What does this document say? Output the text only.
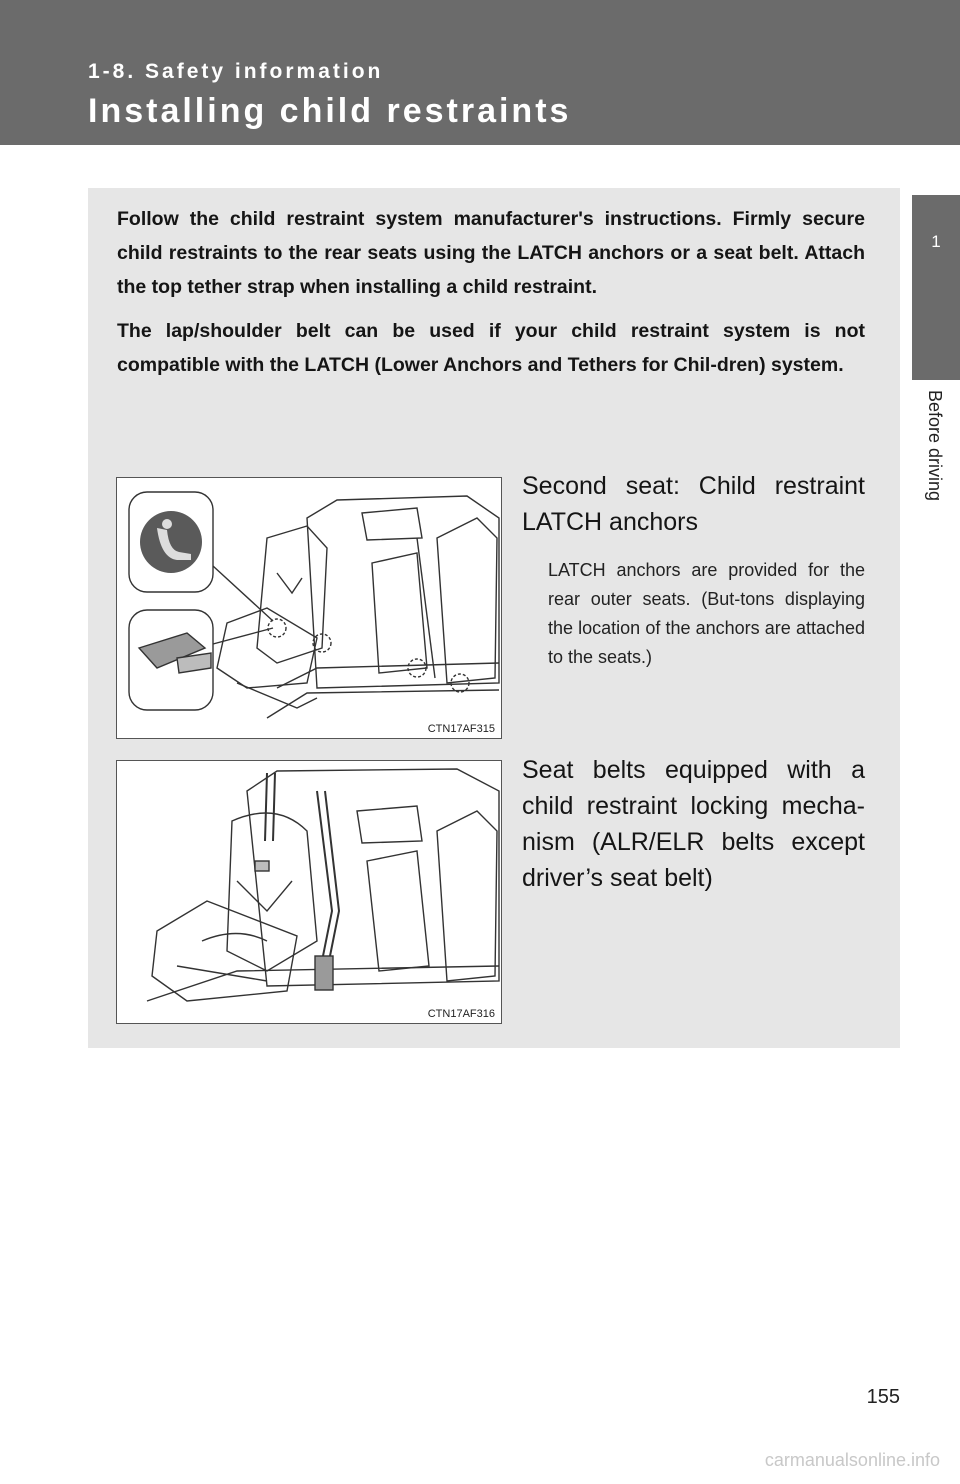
1-8. Safety information
Installing child restraints
1
Before driving

Follow the child restraint system manufacturer's instructions. Firmly secure child restraints to the rear seats using the LATCH anchors or a seat belt. Attach the top tether strap when installing a child restraint.

The lap/shoulder belt can be used if your child restraint system is not compatible with the LATCH (Lower Anchors and Tethers for Chil-dren) system.

CTN17AF315
Second seat: Child restraint LATCH anchors
LATCH anchors are provided for the rear outer seats. (But-tons displaying the location of the anchors are attached to the seats.)
CTN17AF316
Seat belts equipped with a child restraint locking mecha-nism (ALR/ELR belts except driver’s seat belt)
155
carmanualsonline.info
